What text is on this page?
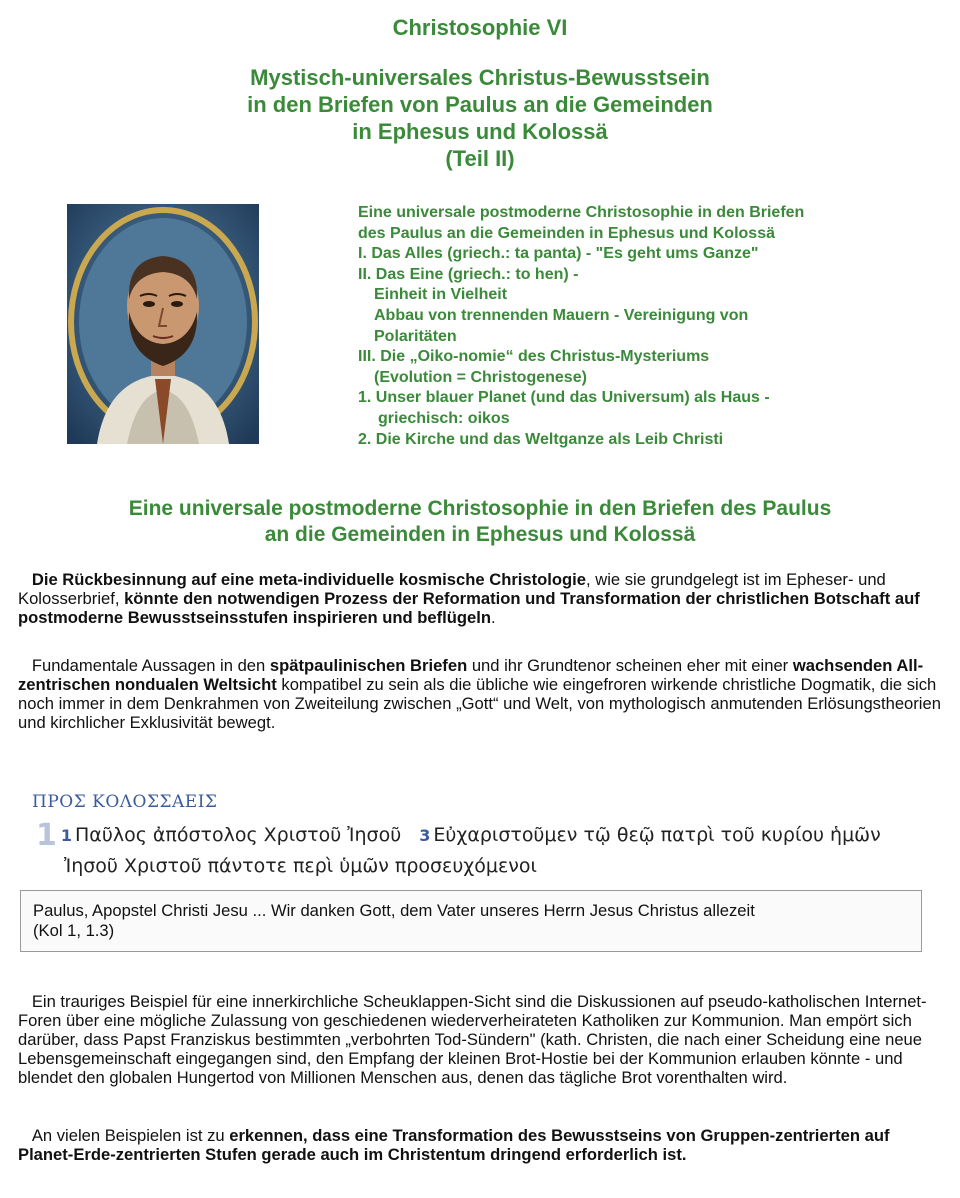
Christosophie VI
Mystisch-universales Christus-Bewusstsein
in den Briefen von Paulus an die Gemeinden
in Ephesus und Kolossä
(Teil II)
Eine universale postmoderne Christosophie in den Briefen
des Paulus an die Gemeinden in Ephesus und Kolossä
I. Das Alles (griech.: ta panta) - "Es geht ums Ganze"
II. Das Eine (griech.: to hen) -
Einheit in Vielheit
Abbau von trennenden Mauern - Vereinigung von
Polaritäten
III. Die „Oiko-nomie“ des Christus-Mysteriums
(Evolution = Christogenese)
1. Unser blauer Planet (und das Universum) als Haus -
griechisch: oikos
2. Die Kirche und das Weltganze als Leib Christi
Eine universale postmoderne Christosophie in den Briefen des Paulus
an die Gemeinden in Ephesus und Kolossä
Die Rückbesinnung auf eine meta-individuelle kosmische Christologie, wie sie grundgelegt ist im Epheser- und Kolosserbrief, könnte den notwendigen Prozess der Reformation und Transformation der christlichen Botschaft auf postmoderne Bewusstseinsstufen inspirieren und beflügeln.
Fundamentale Aussagen in den spätpaulinischen Briefen und ihr Grundtenor scheinen eher mit einer wachsenden All-zentrischen nondualen Weltsicht kompatibel zu sein als die übliche wie eingefroren wirkende christliche Dogmatik, die sich noch immer in dem Denkrahmen von Zweiteilung zwischen „Gott“ und Welt, von mythologisch anmutenden Erlösungstheorien und kirchlicher Exklusivität bewegt.
ΠΡΟΣ ΚΟΛΟΣΣΑΕΙΣ
1 1 Παῦλος ἀπόστολος Χριστοῦ Ἰησοῦ 3 Εὐχαριστοῦμεν τῷ θεῷ πατρὶ τοῦ κυρίου ἡμῶν
Ἰησοῦ Χριστοῦ πάντοτε περὶ ὑμῶν προσευχόμενοι
Paulus, Apopstel Christi Jesu ... Wir danken Gott, dem Vater unseres Herrn Jesus Christus allezeit
(Kol 1, 1.3)
Ein trauriges Beispiel für eine innerkirchliche Scheuklappen-Sicht sind die Diskussionen auf pseudo-katholischen Internet-Foren über eine mögliche Zulassung von geschiedenen wiederverheirateten Katholiken zur Kommunion. Man empört sich darüber, dass Papst Franziskus bestimmten „verbohrten Tod-Sündern" (kath. Christen, die nach einer Scheidung eine neue Lebensgemeinschaft eingegangen sind, den Empfang der kleinen Brot-Hostie bei der Kommunion erlauben könnte - und blendet den globalen Hungertod von Millionen Menschen aus, denen das tägliche Brot vorenthalten wird.
An vielen Beispielen ist zu erkennen, dass eine Transformation des Bewusstseins von Gruppen-zentrierten auf Planet-Erde-zentrierten Stufen gerade auch im Christentum dringend erforderlich ist.
